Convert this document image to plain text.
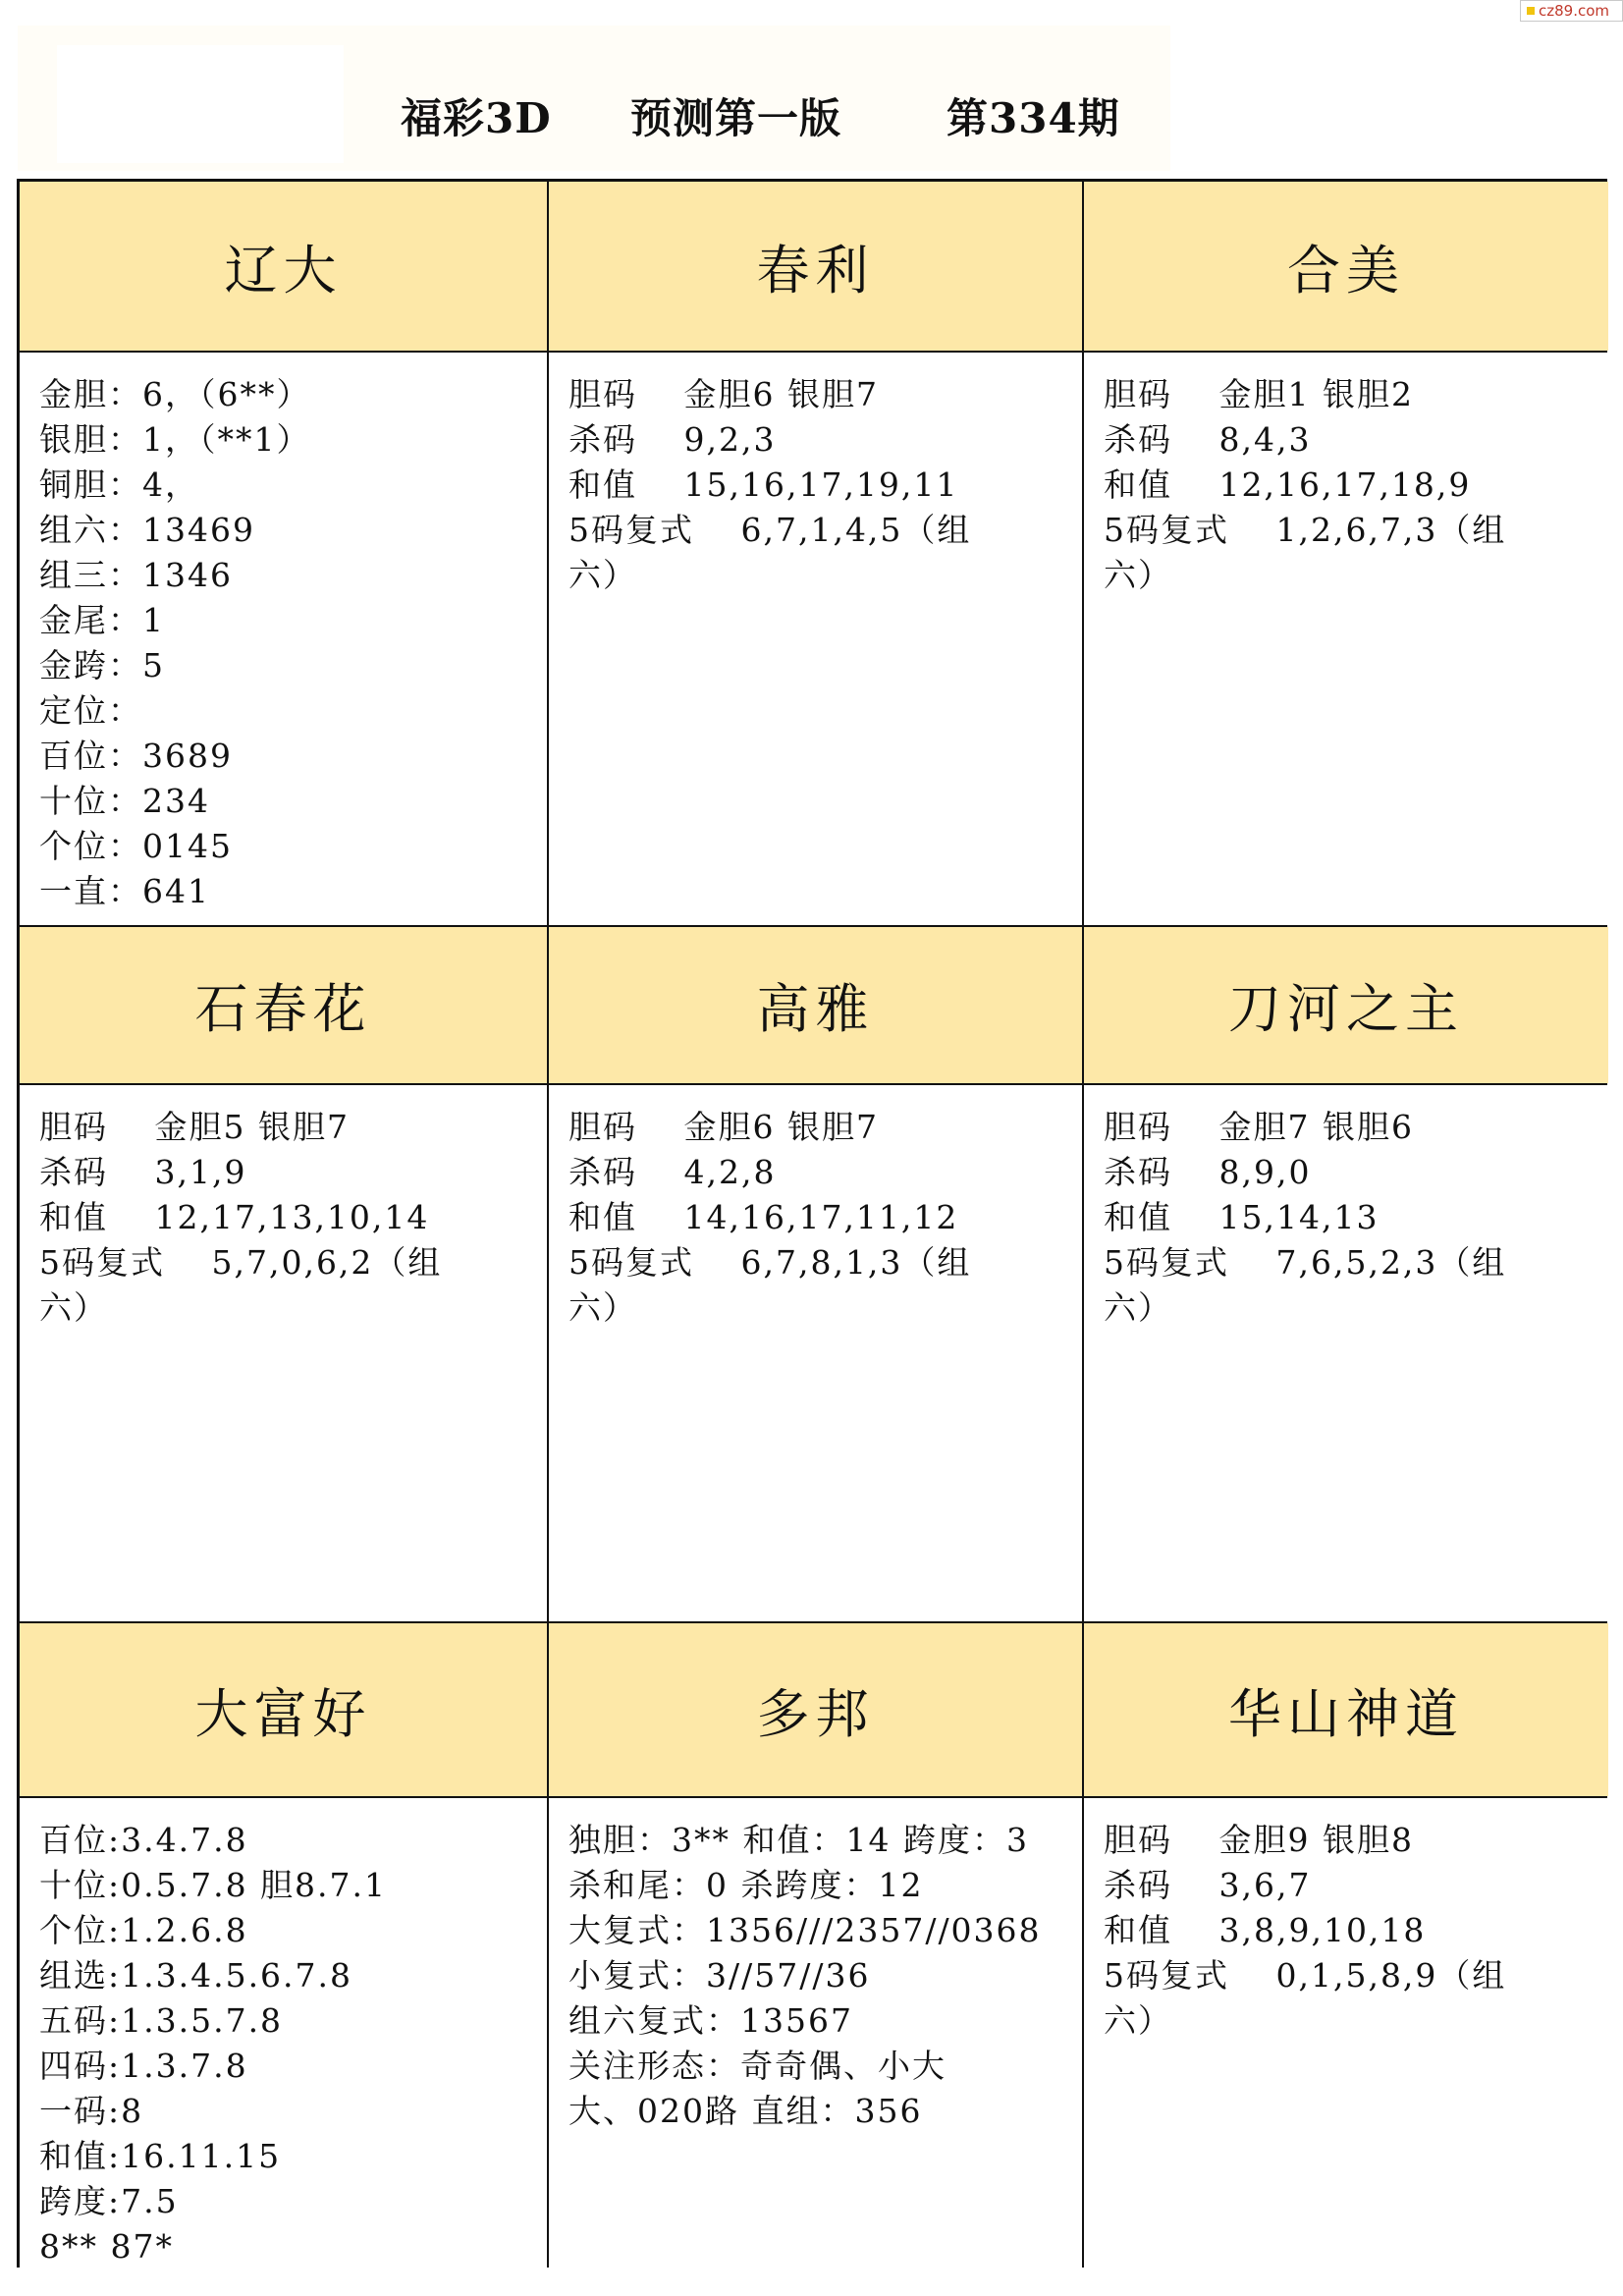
cz89.com
福彩3D 预测第一版	第334期
辽大	春利	合美
金胆：6，（6**）
银胆：1，（**1）
铜胆：4，
组六：13469
组三：1346
金尾：1
金跨：5
定位：
百位：3689
十位：234
个位：0145
一直：641
胆码　 金胆6 银胆7
杀码　 9,2,3
和值　 15,16,17,19,11
5码复式　 6,7,1,4,5（组
六）
胆码　 金胆1 银胆2
杀码　 8,4,3
和值　 12,16,17,18,9
5码复式　 1,2,6,7,3（组
六）
石春花	高雅	刀河之主
胆码　 金胆5 银胆7
杀码　 3,1,9
和值　 12,17,13,10,14
5码复式　 5,7,0,6,2（组
六）
胆码　 金胆6 银胆7
杀码　 4,2,8
和值　 14,16,17,11,12
5码复式　 6,7,8,1,3（组
六）
胆码　 金胆7 银胆6
杀码　 8,9,0
和值　 15,14,13
5码复式　 7,6,5,2,3（组
六）
大富好	多邦	华山神道
百位:3.4.7.8
十位:0.5.7.8 胆8.7.1
个位:1.2.6.8
组选:1.3.4.5.6.7.8
五码:1.3.5.7.8
四码:1.3.7.8
一码:8
和值:16.11.15
跨度:7.5
8** 87*
独胆：3** 和值：14 跨度：3
杀和尾：0 杀跨度：12
大复式：1356///2357//0368
小复式：3//57//36
组六复式：13567
关注形态：奇奇偶、小大
大、020路 直组：356
胆码　 金胆9 银胆8
杀码　 3,6,7
和值　 3,8,9,10,18
5码复式　 0,1,5,8,9（组
六）
